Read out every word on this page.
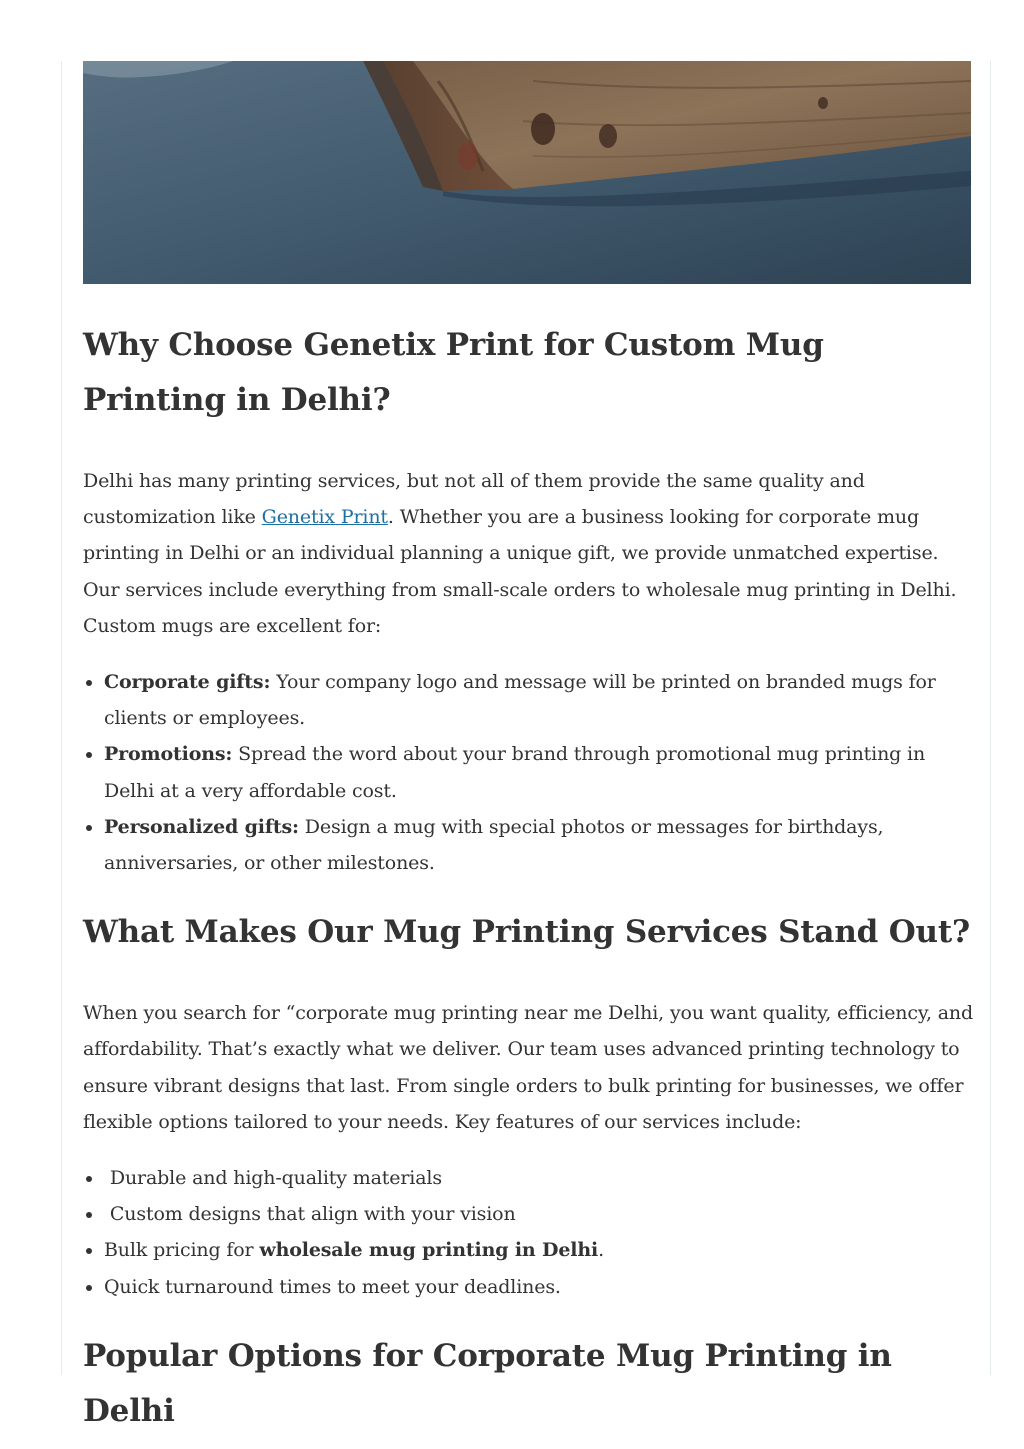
Why Choose Genetix Print for Custom Mug Printing in Delhi?

Delhi has many printing services, but not all of them provide the same quality and customization like Genetix Print. Whether you are a business looking for corporate mug printing in Delhi or an individual planning a unique gift, we provide unmatched expertise. Our services include everything from small-scale orders to wholesale mug printing in Delhi. Custom mugs are excellent for:

• Corporate gifts: Your company logo and message will be printed on branded mugs for clients or employees.
• Promotions: Spread the word about your brand through promotional mug printing in Delhi at a very affordable cost.
• Personalized gifts: Design a mug with special photos or messages for birthdays, anniversaries, or other milestones.
What Makes Our Mug Printing Services Stand Out?

When you search for “corporate mug printing near me Delhi, you want quality, efficiency, and affordability. That’s exactly what we deliver. Our team uses advanced printing technology to ensure vibrant designs that last. From single orders to bulk printing for businesses, we offer flexible options tailored to your needs. Key features of our services include:

•  Durable and high-quality materials
•  Custom designs that align with your vision
• Bulk pricing for wholesale mug printing in Delhi.
• Quick turnaround times to meet your deadlines.
Popular Options for Corporate Mug Printing in Delhi
